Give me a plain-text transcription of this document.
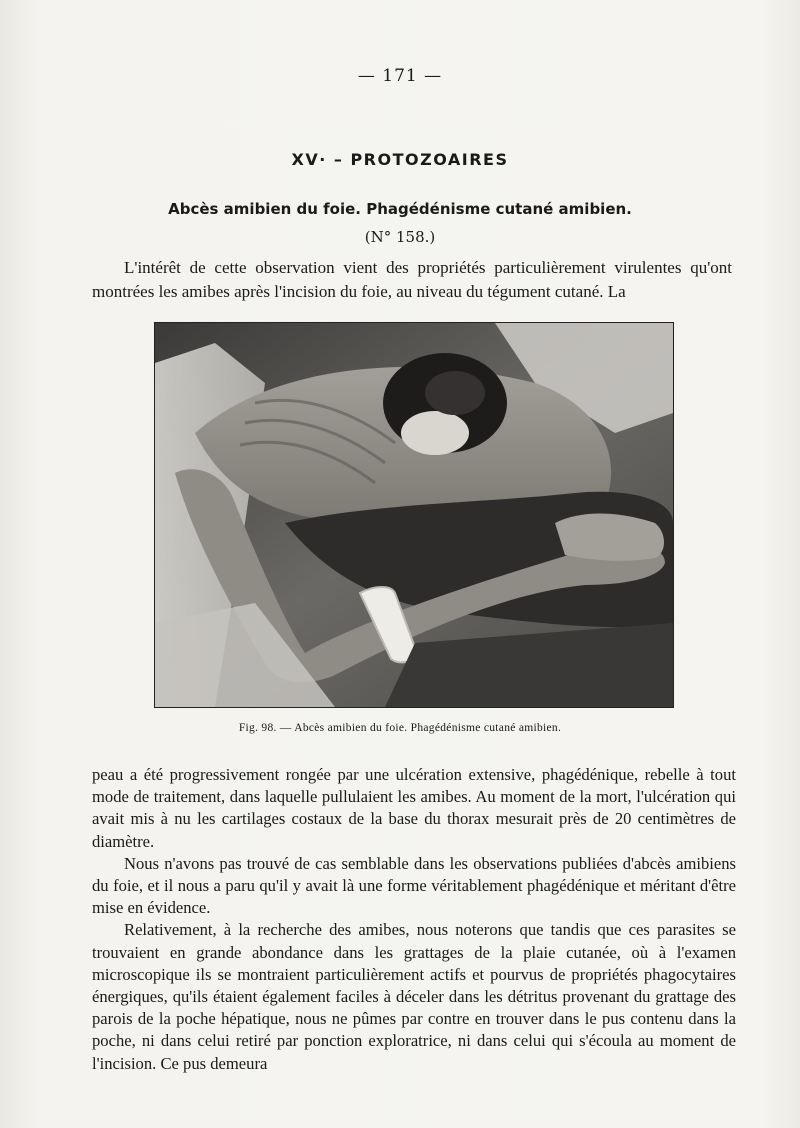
— 171 —
XV· – PROTOZOAIRES
Abcès amibien du foie. Phagédénisme cutané amibien.
(N° 158.)
L'intérêt de cette observation vient des propriétés particulièrement virulentes qu'ont montrées les amibes après l'incision du foie, au niveau du tégument cutané. La
Fig. 98. — Abcès amibien du foie. Phagédénisme cutané amibien.

peau a été progressivement rongée par une ulcération extensive, phagédénique, rebelle à tout mode de traitement, dans laquelle pullulaient les amibes. Au moment de la mort, l'ulcération qui avait mis à nu les cartilages costaux de la base du thorax mesurait près de 20 centimètres de diamètre.

Nous n'avons pas trouvé de cas semblable dans les observations publiées d'abcès amibiens du foie, et il nous a paru qu'il y avait là une forme véritablement phagédénique et méritant d'être mise en évidence.

Relativement, à la recherche des amibes, nous noterons que tandis que ces parasites se trouvaient en grande abondance dans les grattages de la plaie cutanée, où à l'examen microscopique ils se montraient particulièrement actifs et pourvus de propriétés phagocytaires énergiques, qu'ils étaient également faciles à déceler dans les détritus provenant du grattage des parois de la poche hépatique, nous ne pûmes par contre en trouver dans le pus contenu dans la poche, ni dans celui retiré par ponction exploratrice, ni dans celui qui s'écoula au moment de l'incision. Ce pus demeura
